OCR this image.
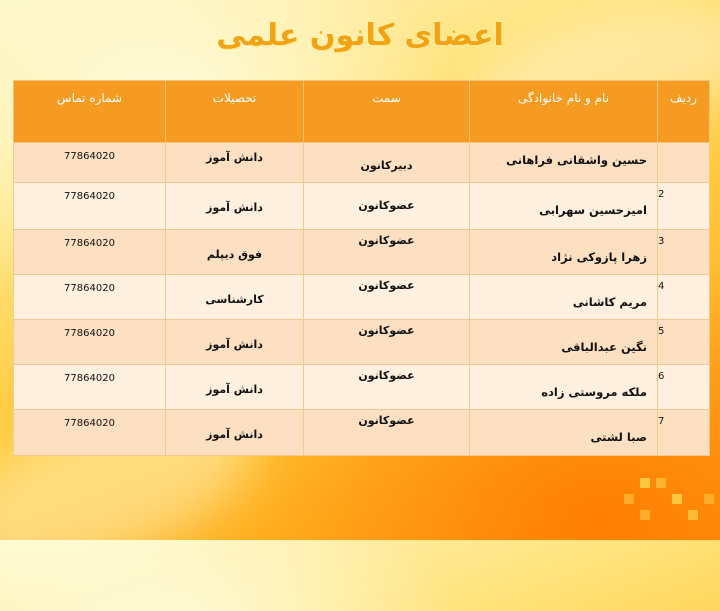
اعضای کانون علمی
ردیف	نام و نام خانوادگی	سمت	تحصیلات	شماره تماس
	حسین واشقانی فراهانی	دبیرکانون	دانش آموز	77864020
2	امیرحسین سهرابی	عضوکانون	دانش آموز	77864020
3	زهرا پازوکی نژاد	عضوکانون	فوق دیپلم	77864020
4	مریم کاشانی	عضوکانون	کارشناسی	77864020
5	نگین عبدالباقی	عضوکانون	دانش آموز	77864020
6	ملکه مروستی زاده	عضوکانون	دانش آموز	77864020
7	صبا لشتی	عضوکانون	دانش آموز	77864020
